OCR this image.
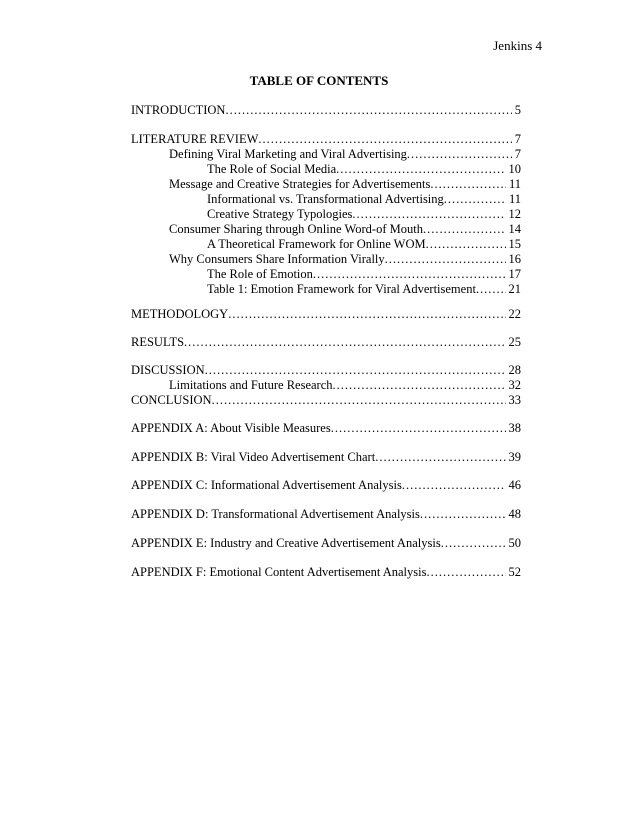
Jenkins 4
TABLE OF CONTENTS
INTRODUCTION .....	5
LITERATURE REVIEW .....	7
Defining Viral Marketing and Viral Advertising .....	7
The Role of Social Media .....	10
Message and Creative Strategies for Advertisements .....	11
Informational vs. Transformational Advertising .....	11
Creative Strategy Typologies .....	12
Consumer Sharing through Online Word-of Mouth .....	14
A Theoretical Framework for Online WOM .....	15
Why Consumers Share Information Virally .....	16
The Role of Emotion .....	17
Table 1: Emotion Framework for Viral Advertisement .....	21
METHODOLOGY .....	22
RESULTS .....	25
DISCUSSION .....	28
Limitations and Future Research .....	32
CONCLUSION .....	33
APPENDIX A: About Visible Measures .....	38
APPENDIX B: Viral Video Advertisement Chart .....	39
APPENDIX C: Informational Advertisement Analysis .....	46
APPENDIX D: Transformational Advertisement Analysis .....	48
APPENDIX E: Industry and Creative Advertisement Analysis .....	50
APPENDIX F: Emotional Content Advertisement Analysis .....	52
